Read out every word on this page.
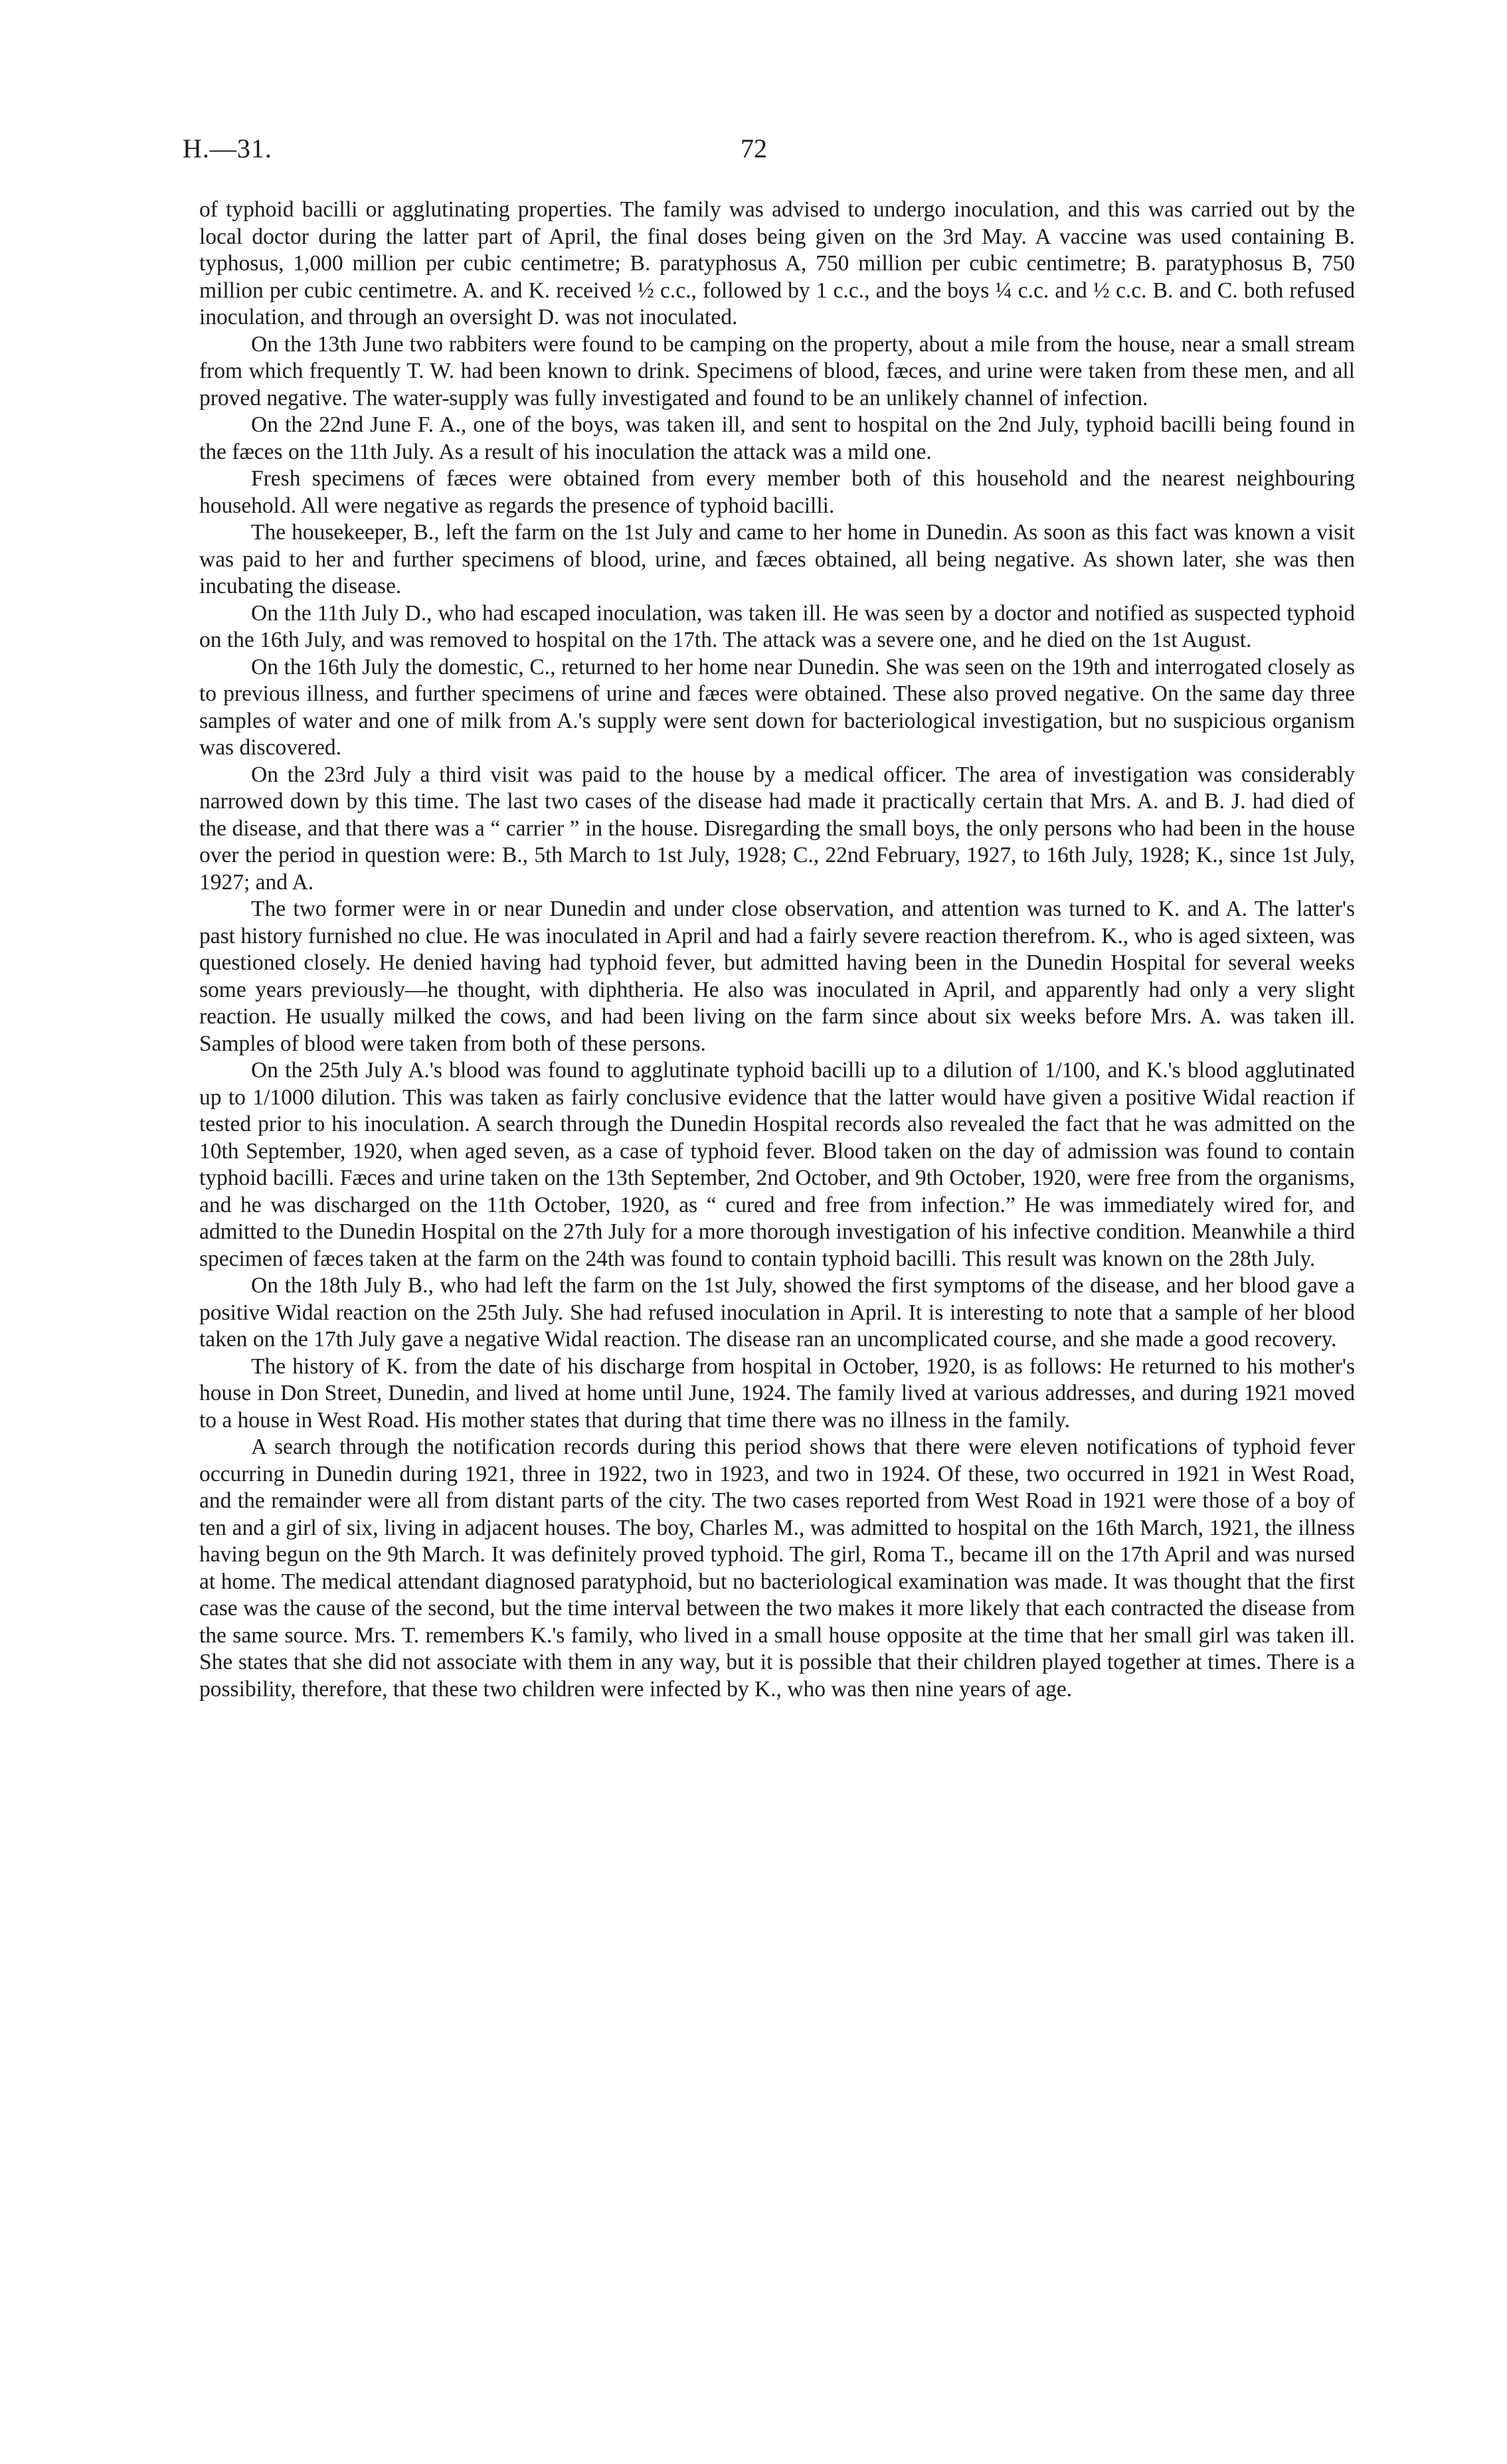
H.—31.	72

of typhoid bacilli or agglutinating properties. The family was advised to undergo inoculation, and this was carried out by the local doctor during the latter part of April, the final doses being given on the 3rd May. A vaccine was used containing B. typhosus, 1,000 million per cubic centimetre; B. paratyphosus A, 750 million per cubic centimetre; B. paratyphosus B, 750 million per cubic centimetre. A. and K. received ½ c.c., followed by 1 c.c., and the boys ¼ c.c. and ½ c.c. B. and C. both refused inoculation, and through an oversight D. was not inoculated.

On the 13th June two rabbiters were found to be camping on the property, about a mile from the house, near a small stream from which frequently T. W. had been known to drink. Specimens of blood, fæces, and urine were taken from these men, and all proved negative. The water-supply was fully investigated and found to be an unlikely channel of infection.

On the 22nd June F. A., one of the boys, was taken ill, and sent to hospital on the 2nd July, typhoid bacilli being found in the fæces on the 11th July. As a result of his inoculation the attack was a mild one.

Fresh specimens of fæces were obtained from every member both of this household and the nearest neighbouring household. All were negative as regards the presence of typhoid bacilli.

The housekeeper, B., left the farm on the 1st July and came to her home in Dunedin. As soon as this fact was known a visit was paid to her and further specimens of blood, urine, and fæces obtained, all being negative. As shown later, she was then incubating the disease.

On the 11th July D., who had escaped inoculation, was taken ill. He was seen by a doctor and notified as suspected typhoid on the 16th July, and was removed to hospital on the 17th. The attack was a severe one, and he died on the 1st August.

On the 16th July the domestic, C., returned to her home near Dunedin. She was seen on the 19th and interrogated closely as to previous illness, and further specimens of urine and fæces were obtained. These also proved negative. On the same day three samples of water and one of milk from A.'s supply were sent down for bacteriological investigation, but no suspicious organism was discovered.

On the 23rd July a third visit was paid to the house by a medical officer. The area of investigation was considerably narrowed down by this time. The last two cases of the disease had made it practically certain that Mrs. A. and B. J. had died of the disease, and that there was a “ carrier ” in the house. Disregarding the small boys, the only persons who had been in the house over the period in question were: B., 5th March to 1st July, 1928; C., 22nd February, 1927, to 16th July, 1928; K., since 1st July, 1927; and A.

The two former were in or near Dunedin and under close observation, and attention was turned to K. and A. The latter's past history furnished no clue. He was inoculated in April and had a fairly severe reaction therefrom. K., who is aged sixteen, was questioned closely. He denied having had typhoid fever, but admitted having been in the Dunedin Hospital for several weeks some years previously—he thought, with diphtheria. He also was inoculated in April, and apparently had only a very slight reaction. He usually milked the cows, and had been living on the farm since about six weeks before Mrs. A. was taken ill. Samples of blood were taken from both of these persons.

On the 25th July A.'s blood was found to agglutinate typhoid bacilli up to a dilution of 1/100, and K.'s blood agglutinated up to 1/1000 dilution. This was taken as fairly conclusive evidence that the latter would have given a positive Widal reaction if tested prior to his inoculation. A search through the Dunedin Hospital records also revealed the fact that he was admitted on the 10th September, 1920, when aged seven, as a case of typhoid fever. Blood taken on the day of admission was found to contain typhoid bacilli. Fæces and urine taken on the 13th September, 2nd October, and 9th October, 1920, were free from the organisms, and he was discharged on the 11th October, 1920, as “ cured and free from infection.” He was immediately wired for, and admitted to the Dunedin Hospital on the 27th July for a more thorough investigation of his infective condition. Meanwhile a third specimen of fæces taken at the farm on the 24th was found to contain typhoid bacilli. This result was known on the 28th July.

On the 18th July B., who had left the farm on the 1st July, showed the first symptoms of the disease, and her blood gave a positive Widal reaction on the 25th July. She had refused inoculation in April. It is interesting to note that a sample of her blood taken on the 17th July gave a negative Widal reaction. The disease ran an uncomplicated course, and she made a good recovery.

The history of K. from the date of his discharge from hospital in October, 1920, is as follows: He returned to his mother's house in Don Street, Dunedin, and lived at home until June, 1924. The family lived at various addresses, and during 1921 moved to a house in West Road. His mother states that during that time there was no illness in the family.

A search through the notification records during this period shows that there were eleven notifications of typhoid fever occurring in Dunedin during 1921, three in 1922, two in 1923, and two in 1924. Of these, two occurred in 1921 in West Road, and the remainder were all from distant parts of the city. The two cases reported from West Road in 1921 were those of a boy of ten and a girl of six, living in adjacent houses. The boy, Charles M., was admitted to hospital on the 16th March, 1921, the illness having begun on the 9th March. It was definitely proved typhoid. The girl, Roma T., became ill on the 17th April and was nursed at home. The medical attendant diagnosed paratyphoid, but no bacteriological examination was made. It was thought that the first case was the cause of the second, but the time interval between the two makes it more likely that each contracted the disease from the same source. Mrs. T. remembers K.'s family, who lived in a small house opposite at the time that her small girl was taken ill. She states that she did not associate with them in any way, but it is possible that their children played together at times. There is a possibility, therefore, that these two children were infected by K., who was then nine years of age.
